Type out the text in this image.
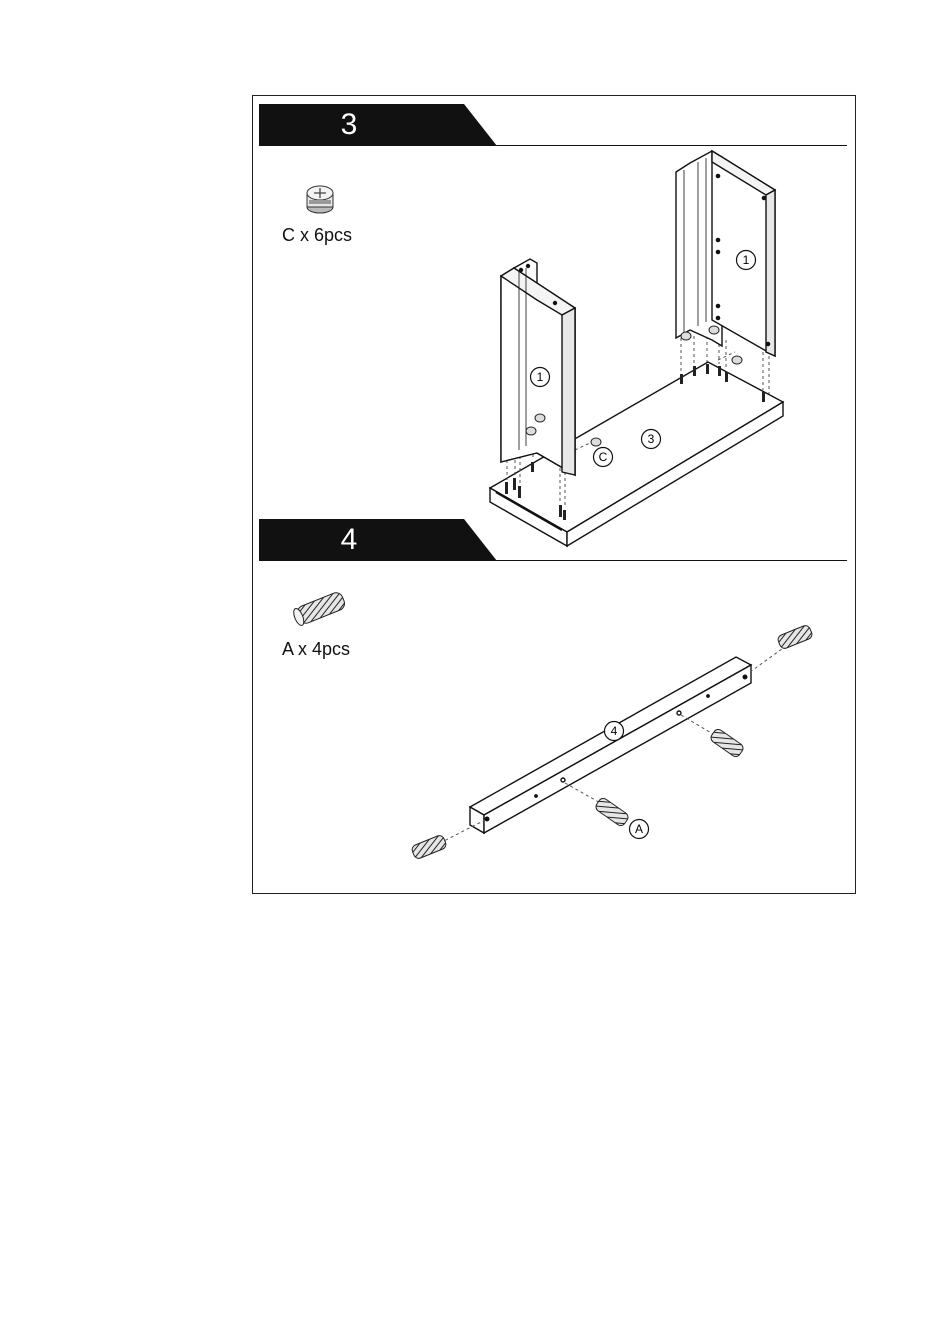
3
4
C x 6pcs
A x 4pcs
1
1
3
C
4
A
